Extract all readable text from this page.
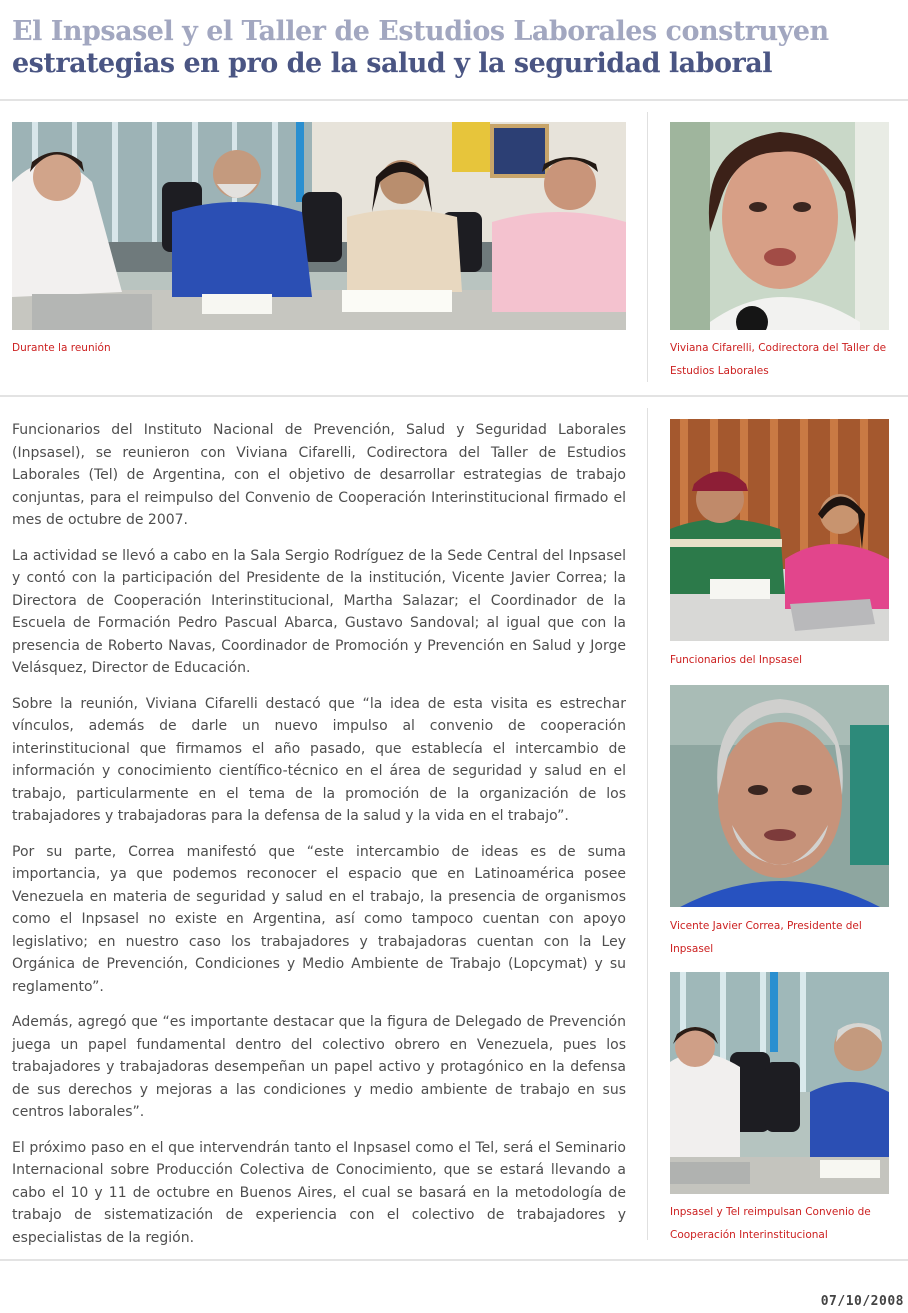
El Inpsasel y el Taller de Estudios Laborales construyen
estrategias en pro de la salud y la seguridad laboral

Durante la reunión	Viviana Cifarelli, Codirectora del Taller de Estudios Laborales

Funcionarios del Instituto Nacional de Prevención, Salud y Seguridad Laborales (Inpsasel), se reunieron con Viviana Cifarelli, Codirectora del Taller de Estudios Laborales (Tel) de Argentina, con el objetivo de desarrollar estrategias de trabajo conjuntas, para el reimpulso del Convenio de Cooperación Interinstitucional firmado el mes de octubre de 2007.

La actividad se llevó a cabo en la Sala Sergio Rodríguez de la Sede Central del Inpsasel y contó con la participación del Presidente de la institución, Vicente Javier Correa; la Directora de Cooperación Interinstitucional, Martha Salazar; el Coordinador de la Escuela de Formación Pedro Pascual Abarca, Gustavo Sandoval; al igual que con la presencia de Roberto Navas, Coordinador de Promoción y Prevención en Salud y Jorge Velásquez, Director de Educación.

Sobre la reunión, Viviana Cifarelli destacó que “la idea de esta visita es estrechar vínculos, además de darle un nuevo impulso al convenio de cooperación interinstitucional que firmamos el año pasado, que establecía el intercambio de información y conocimiento científico-técnico en el área de seguridad y salud en el trabajo, particularmente en el tema de la promoción de la organización de los trabajadores y trabajadoras para la defensa de la salud y la vida en el trabajo”.

Por su parte, Correa manifestó que “este intercambio de ideas es de suma importancia, ya que podemos reconocer el espacio que en Latinoamérica posee Venezuela en materia de seguridad y salud en el trabajo, la presencia de organismos como el Inpsasel no existe en Argentina, así como tampoco cuentan con apoyo legislativo; en nuestro caso los trabajadores y trabajadoras cuentan con la Ley Orgánica de Prevención, Condiciones y Medio Ambiente de Trabajo (Lopcymat) y su reglamento”.

Además, agregó que “es importante destacar que la figura de Delegado de Prevención juega un papel fundamental dentro del colectivo obrero en Venezuela, pues los trabajadores y trabajadoras desempeñan un papel activo y protagónico en la defensa de sus derechos y mejoras a las condiciones y medio ambiente de trabajo en sus centros laborales”.

El próximo paso en el que intervendrán tanto el Inpsasel como el Tel, será el Seminario Internacional sobre Producción Colectiva de Conocimiento, que se estará llevando a cabo el 10 y 11 de octubre en Buenos Aires, el cual se basará en la metodología de trabajo de sistematización de experiencia con el colectivo de trabajadores y especialistas de la región.

Funcionarios del Inpsasel

Vicente Javier Correa, Presidente del Inpsasel

Inpsasel y Tel reimpulsan Convenio de Cooperación Interinstitucional

07/10/2008
